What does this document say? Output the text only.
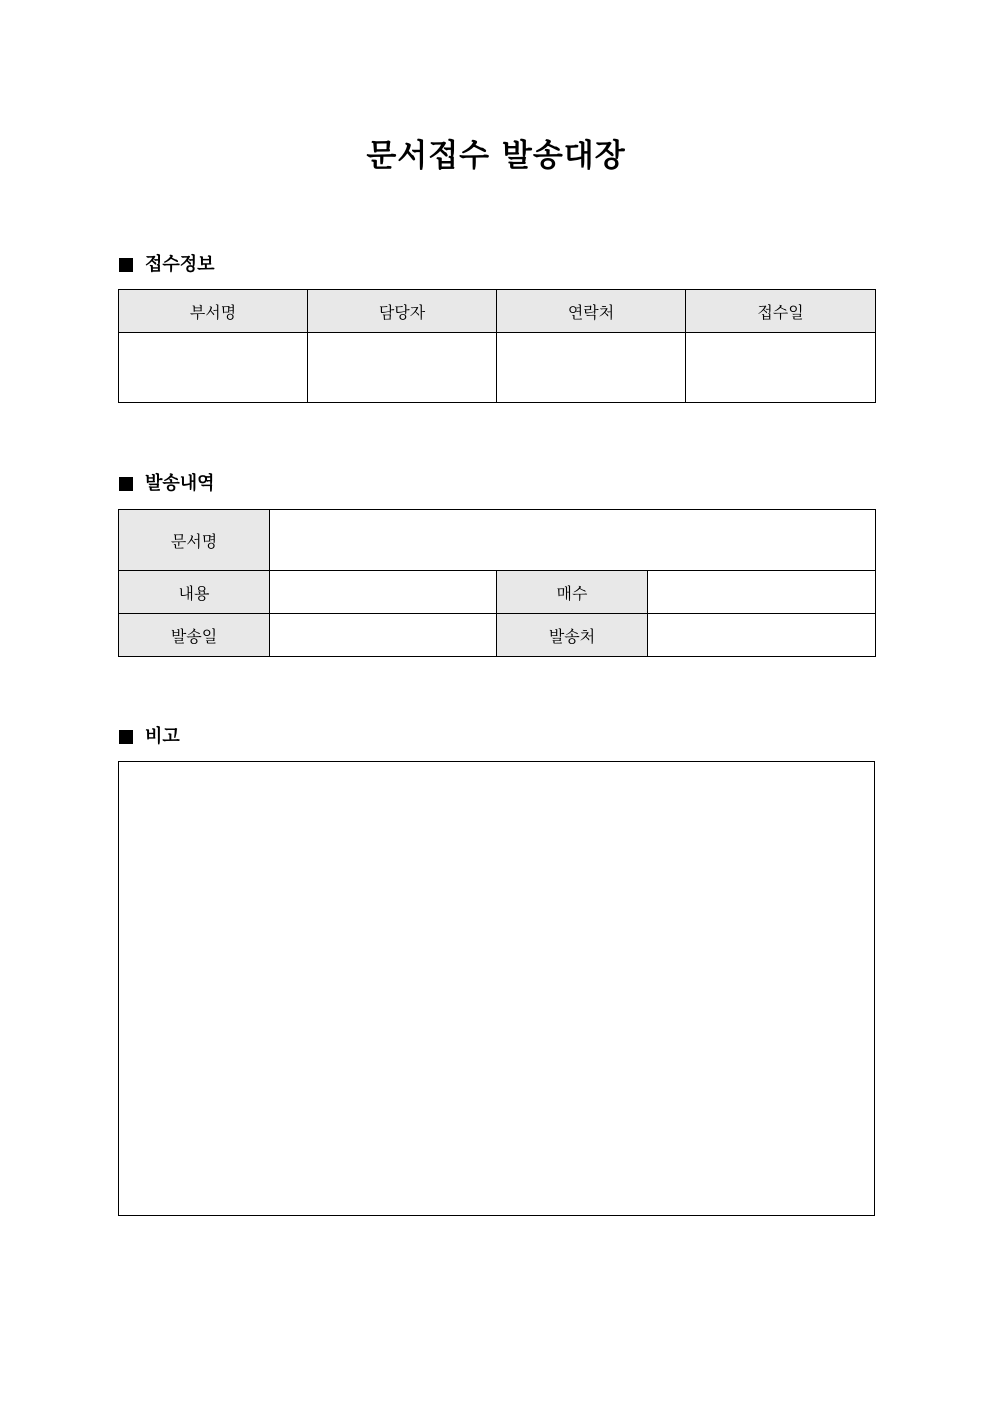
문서접수 발송대장
접수정보
부서명	담당자	연락처	접수일

발송내역
문서명			
내용		매수	
발송일		발송처	
비고
